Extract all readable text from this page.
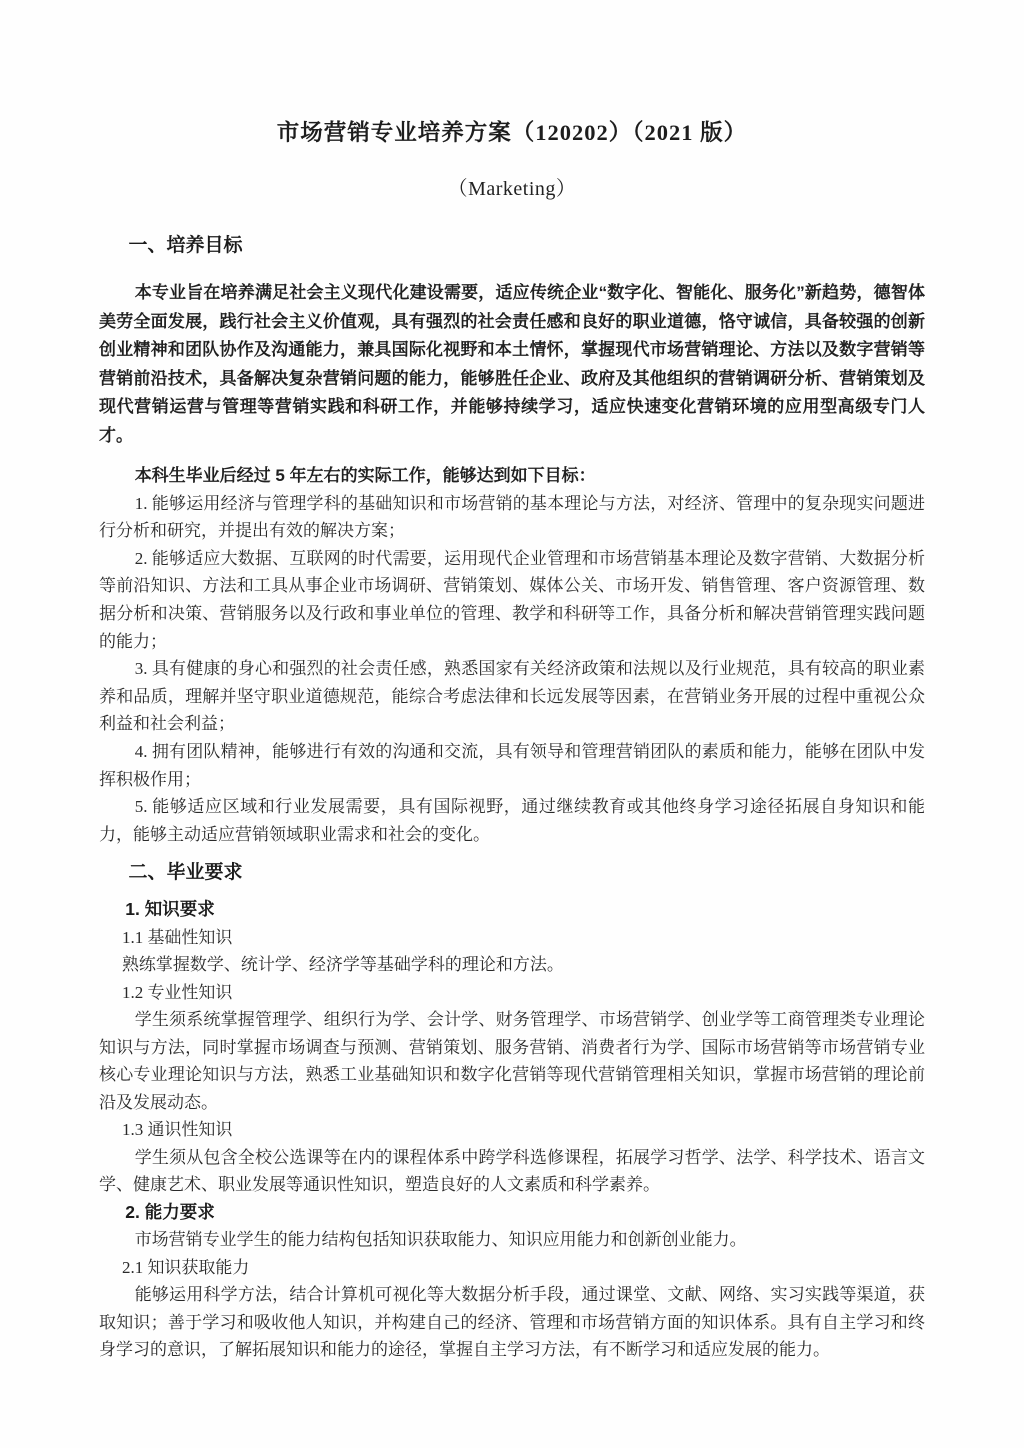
市场营销专业培养方案（120202）（2021 版）
（Marketing）
一、培养目标

本专业旨在培养满足社会主义现代化建设需要，适应传统企业“数字化、智能化、服务化”新趋势，德智体美劳全面发展，践行社会主义价值观，具有强烈的社会责任感和良好的职业道德，恪守诚信，具备较强的创新创业精神和团队协作及沟通能力，兼具国际化视野和本土情怀，掌握现代市场营销理论、方法以及数字营销等营销前沿技术，具备解决复杂营销问题的能力，能够胜任企业、政府及其他组织的营销调研分析、营销策划及现代营销运营与管理等营销实践和科研工作，并能够持续学习，适应快速变化营销环境的应用型高级专门人才。

本科生毕业后经过 5 年左右的实际工作，能够达到如下目标：

1. 能够运用经济与管理学科的基础知识和市场营销的基本理论与方法，对经济、管理中的复杂现实问题进行分析和研究，并提出有效的解决方案；

2. 能够适应大数据、互联网的时代需要，运用现代企业管理和市场营销基本理论及数字营销、大数据分析等前沿知识、方法和工具从事企业市场调研、营销策划、媒体公关、市场开发、销售管理、客户资源管理、数据分析和决策、营销服务以及行政和事业单位的管理、教学和科研等工作，具备分析和解决营销管理实践问题的能力；

3. 具有健康的身心和强烈的社会责任感，熟悉国家有关经济政策和法规以及行业规范，具有较高的职业素养和品质，理解并坚守职业道德规范，能综合考虑法律和长远发展等因素，在营销业务开展的过程中重视公众利益和社会利益；

4. 拥有团队精神，能够进行有效的沟通和交流，具有领导和管理营销团队的素质和能力，能够在团队中发挥积极作用；

5. 能够适应区域和行业发展需要，具有国际视野，通过继续教育或其他终身学习途径拓展自身知识和能力，能够主动适应营销领域职业需求和社会的变化。

二、毕业要求

1. 知识要求

1.1 基础性知识

熟练掌握数学、统计学、经济学等基础学科的理论和方法。

1.2 专业性知识

学生须系统掌握管理学、组织行为学、会计学、财务管理学、市场营销学、创业学等工商管理类专业理论知识与方法，同时掌握市场调查与预测、营销策划、服务营销、消费者行为学、国际市场营销等市场营销专业核心专业理论知识与方法，熟悉工业基础知识和数字化营销等现代营销管理相关知识，掌握市场营销的理论前沿及发展动态。

1.3 通识性知识

学生须从包含全校公选课等在内的课程体系中跨学科选修课程，拓展学习哲学、法学、科学技术、语言文学、健康艺术、职业发展等通识性知识，塑造良好的人文素质和科学素养。

2. 能力要求

市场营销专业学生的能力结构包括知识获取能力、知识应用能力和创新创业能力。

2.1 知识获取能力

能够运用科学方法，结合计算机可视化等大数据分析手段，通过课堂、文献、网络、实习实践等渠道，获取知识；善于学习和吸收他人知识，并构建自己的经济、管理和市场营销方面的知识体系。具有自主学习和终身学习的意识，了解拓展知识和能力的途径，掌握自主学习方法，有不断学习和适应发展的能力。
